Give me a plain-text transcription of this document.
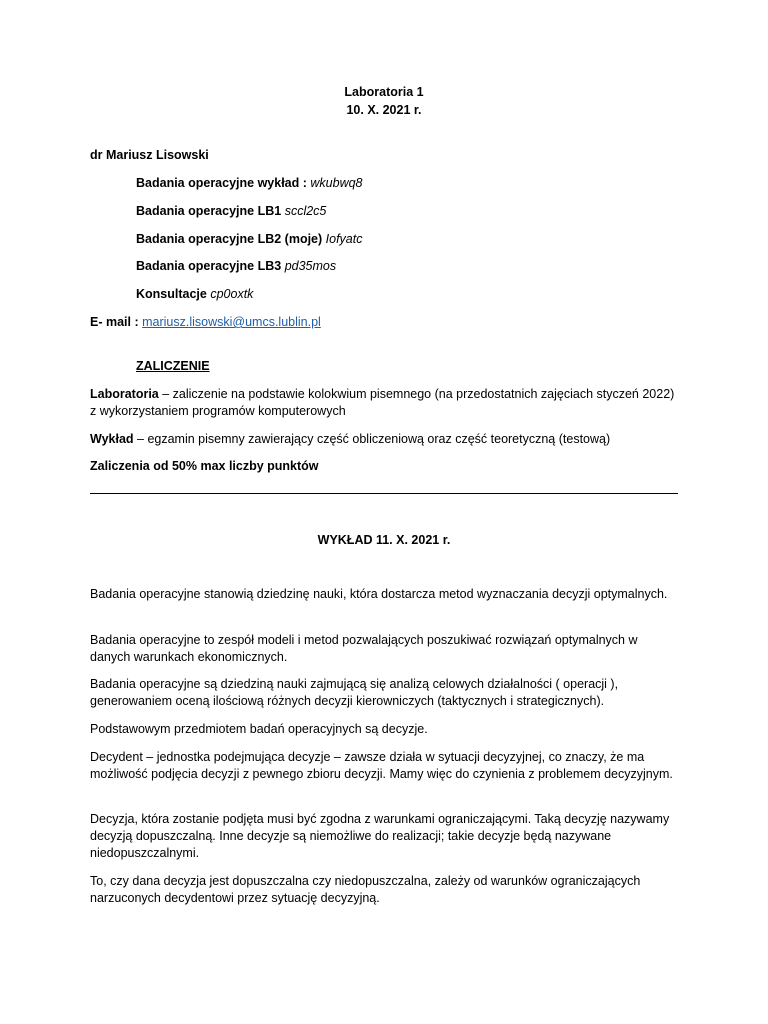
Laboratoria 1
10. X. 2021 r.
dr Mariusz Lisowski
Badania operacyjne wykład : wkubwq8
Badania operacyjne LB1 sccl2c5
Badania operacyjne LB2 (moje) Iofyatc
Badania operacyjne LB3 pd35mos
Konsultacje cp0oxtk
E- mail : mariusz.lisowski@umcs.lublin.pl
ZALICZENIE
Laboratoria – zaliczenie na podstawie kolokwium pisemnego (na przedostatnich zajęciach styczeń 2022) z wykorzystaniem programów komputerowych
Wykład – egzamin pisemny zawierający część obliczeniową oraz część teoretyczną (testową)
Zaliczenia od 50% max liczby punktów
WYKŁAD 11. X. 2021 r.
Badania operacyjne stanowią dziedzinę nauki, która dostarcza metod wyznaczania decyzji optymalnych.
Badania operacyjne to zespół modeli i metod pozwalających poszukiwać rozwiązań optymalnych w danych warunkach ekonomicznych.
Badania operacyjne są dziedziną nauki zajmującą się analizą celowych działalności ( operacji ), generowaniem oceną ilościową różnych decyzji kierowniczych (taktycznych i strategicznych).
Podstawowym przedmiotem badań operacyjnych są decyzje.
Decydent – jednostka podejmująca decyzje – zawsze działa w sytuacji decyzyjnej, co znaczy, że ma możliwość podjęcia decyzji z pewnego zbioru decyzji. Mamy więc do czynienia z problemem decyzyjnym.
Decyzja, która zostanie podjęta musi być zgodna z warunkami ograniczającymi. Taką decyzję nazywamy decyzją dopuszczalną. Inne decyzje są niemożliwe do realizacji; takie decyzje będą nazywane niedopuszczalnymi.
To, czy dana decyzja jest dopuszczalna czy niedopuszczalna, zależy od warunków ograniczających narzuconych decydentowi przez sytuację decyzyjną.
